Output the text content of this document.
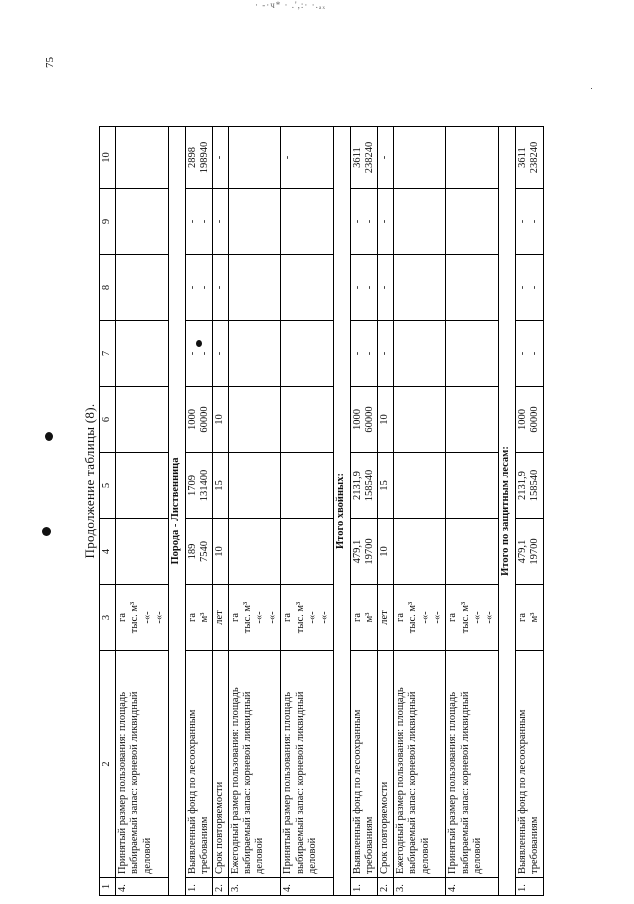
75
· -·ч* · .',:· ·.ₐₓ
Продолжение таблицы (8).
1	2	3	4	5	6	7	8	9	10
4.	Принятый размер пользования: площадь выбираемый запас: корневой ликвидный деловой	га тыс. м³ -«- -«-							

Порода - Лиственница									
1.	Выявленный фонд по лесоохранным требованиям	га м³	189 7540	1709 131400	1000 60000	- -	- -	- -	2898 198940

2.	Срок повторяемости	лет	10	15	10	-	-	-	-

3.	Ежегодный размер пользования: площадь выбираемый запас: корневой ликвидный деловой	га тыс. м³ -«- -«-							

4.	Принятый размер пользования: площадь выбираемый запас: корневой ликвидный деловой	га тыс. м³ -«- -«-							-

Итого хвойных:									
1.	Выявленный фонд по лесоохранным требованиям	га м³	479,1 19700	2131,9 158540	1000 60000	- -	- -	- -	3611 238240

2.	Срок повторяемости	лет	10	15	10	-	-	-	-

3.	Ежегодный размер пользования: площадь выбираемый запас: корневой ликвидный деловой	га тыс. м³ -«- -«-							

4.	Принятый размер пользования: площадь выбираемый запас: корневой ликвидный деловой	га тыс. м³ -«- -«-							

Итого по защитным лесам:									
1.	Выявленный фонд по лесоохранным требованиям	га м³	479,1 19700	2131,9 158540	1000 60000	- -	- -	- -	3611 238240
